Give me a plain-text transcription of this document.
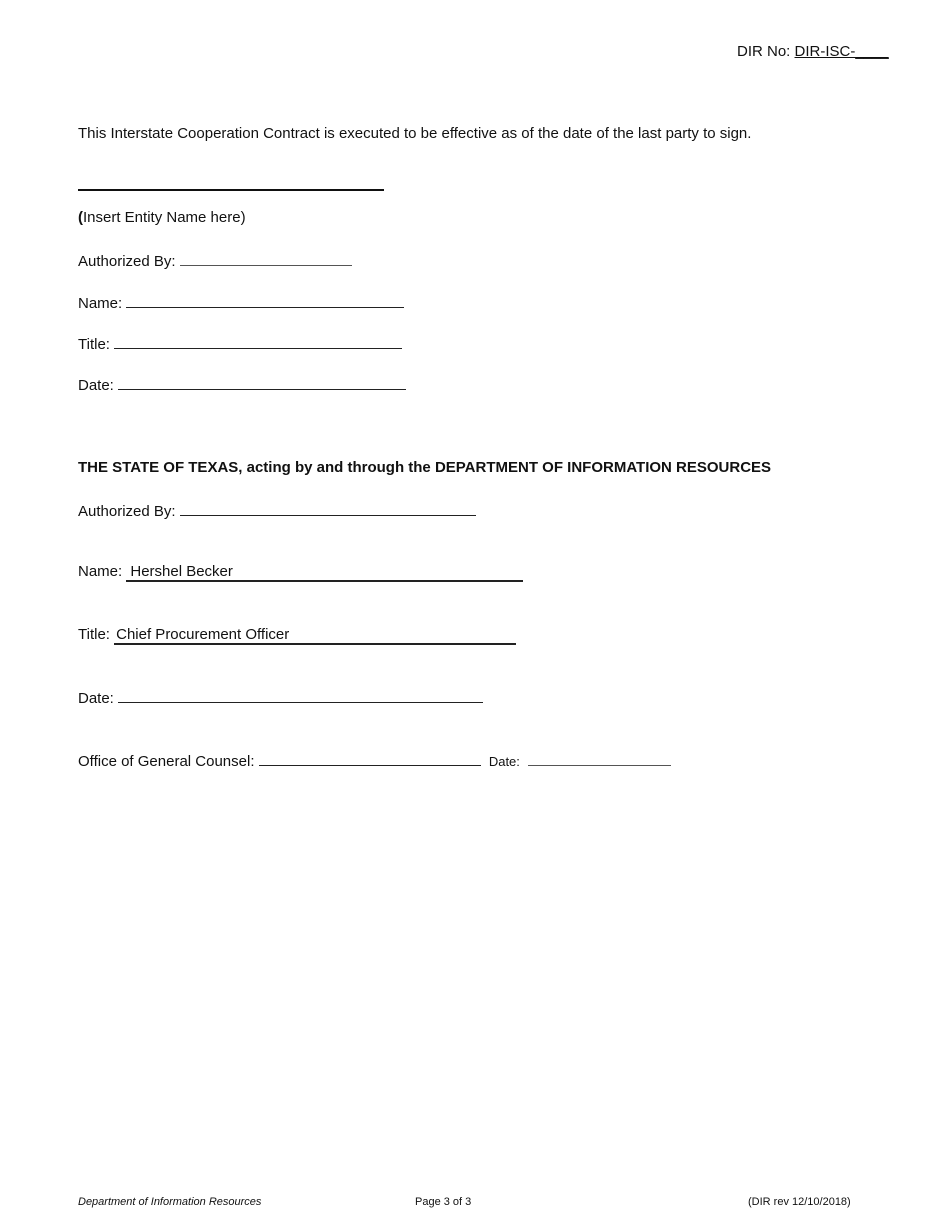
DIR No: DIR-ISC-____
This Interstate Cooperation Contract is executed to be effective as of the date of the last party to sign.
(Insert Entity Name here)
Authorized By:
Name:
Title:
Date:
THE STATE OF TEXAS, acting by and through the DEPARTMENT OF INFORMATION RESOURCES
Authorized By:
Name: Hershel Becker
Title: Chief Procurement Officer
Date:
Office of General Counsel:	Date:
Department of Information Resources	Page 3 of 3	(DIR rev 12/10/2018)
